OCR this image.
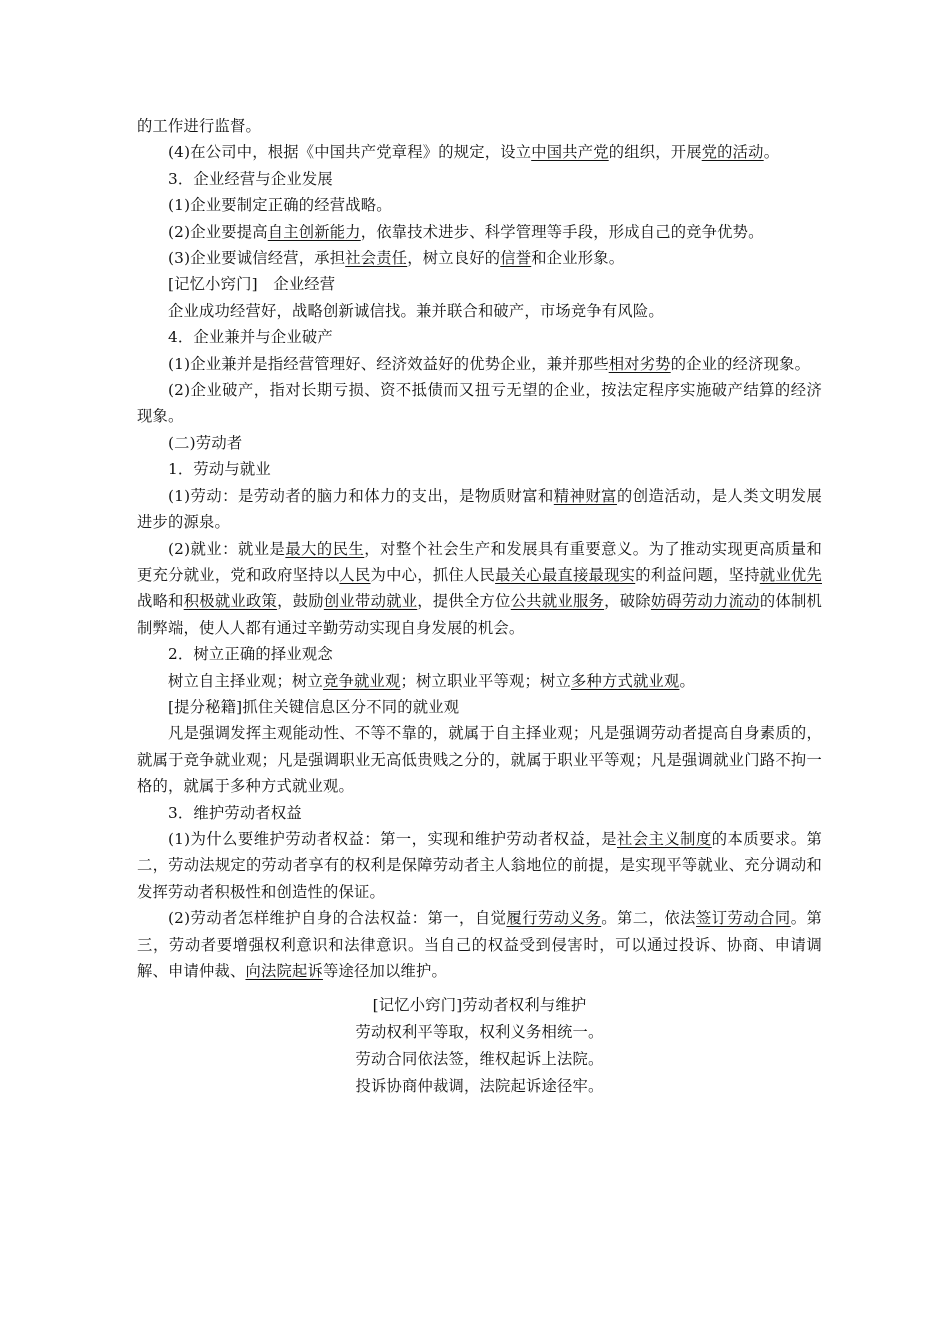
的工作进行监督。

(4)在公司中，根据《中国共产党章程》的规定，设立中国共产党的组织，开展党的活动。

3．企业经营与企业发展

(1)企业要制定正确的经营战略。

(2)企业要提高自主创新能力，依靠技术进步、科学管理等手段，形成自己的竞争优势。

(3)企业要诚信经营，承担社会责任，树立良好的信誉和企业形象。

[记忆小窍门]　企业经营

企业成功经营好，战略创新诚信找。兼并联合和破产，市场竞争有风险。

4．企业兼并与企业破产

(1)企业兼并是指经营管理好、经济效益好的优势企业，兼并那些相对劣势的企业的经济现象。

(2)企业破产，指对长期亏损、资不抵债而又扭亏无望的企业，按法定程序实施破产结算的经济现象。

(二)劳动者

1．劳动与就业

(1)劳动：是劳动者的脑力和体力的支出，是物质财富和精神财富的创造活动，是人类文明发展进步的源泉。

(2)就业：就业是最大的民生，对整个社会生产和发展具有重要意义。为了推动实现更高质量和更充分就业，党和政府坚持以人民为中心，抓住人民最关心最直接最现实的利益问题，坚持就业优先战略和积极就业政策，鼓励创业带动就业，提供全方位公共就业服务，破除妨碍劳动力流动的体制机制弊端，使人人都有通过辛勤劳动实现自身发展的机会。

2．树立正确的择业观念

树立自主择业观；树立竞争就业观；树立职业平等观；树立多种方式就业观。

[提分秘籍]抓住关键信息区分不同的就业观

凡是强调发挥主观能动性、不等不靠的，就属于自主择业观；凡是强调劳动者提高自身素质的，就属于竞争就业观；凡是强调职业无高低贵贱之分的，就属于职业平等观；凡是强调就业门路不拘一格的，就属于多种方式就业观。

3．维护劳动者权益

(1)为什么要维护劳动者权益：第一，实现和维护劳动者权益，是社会主义制度的本质要求。第二，劳动法规定的劳动者享有的权利是保障劳动者主人翁地位的前提，是实现平等就业、充分调动和发挥劳动者积极性和创造性的保证。

(2)劳动者怎样维护自身的合法权益：第一，自觉履行劳动义务。第二，依法签订劳动合同。第三，劳动者要增强权利意识和法律意识。当自己的权益受到侵害时，可以通过投诉、协商、申请调解、申请仲裁、向法院起诉等途径加以维护。

[记忆小窍门]劳动者权利与维护

劳动权利平等取，权利义务相统一。

劳动合同依法签，维权起诉上法院。

投诉协商仲裁调，法院起诉途径牢。
